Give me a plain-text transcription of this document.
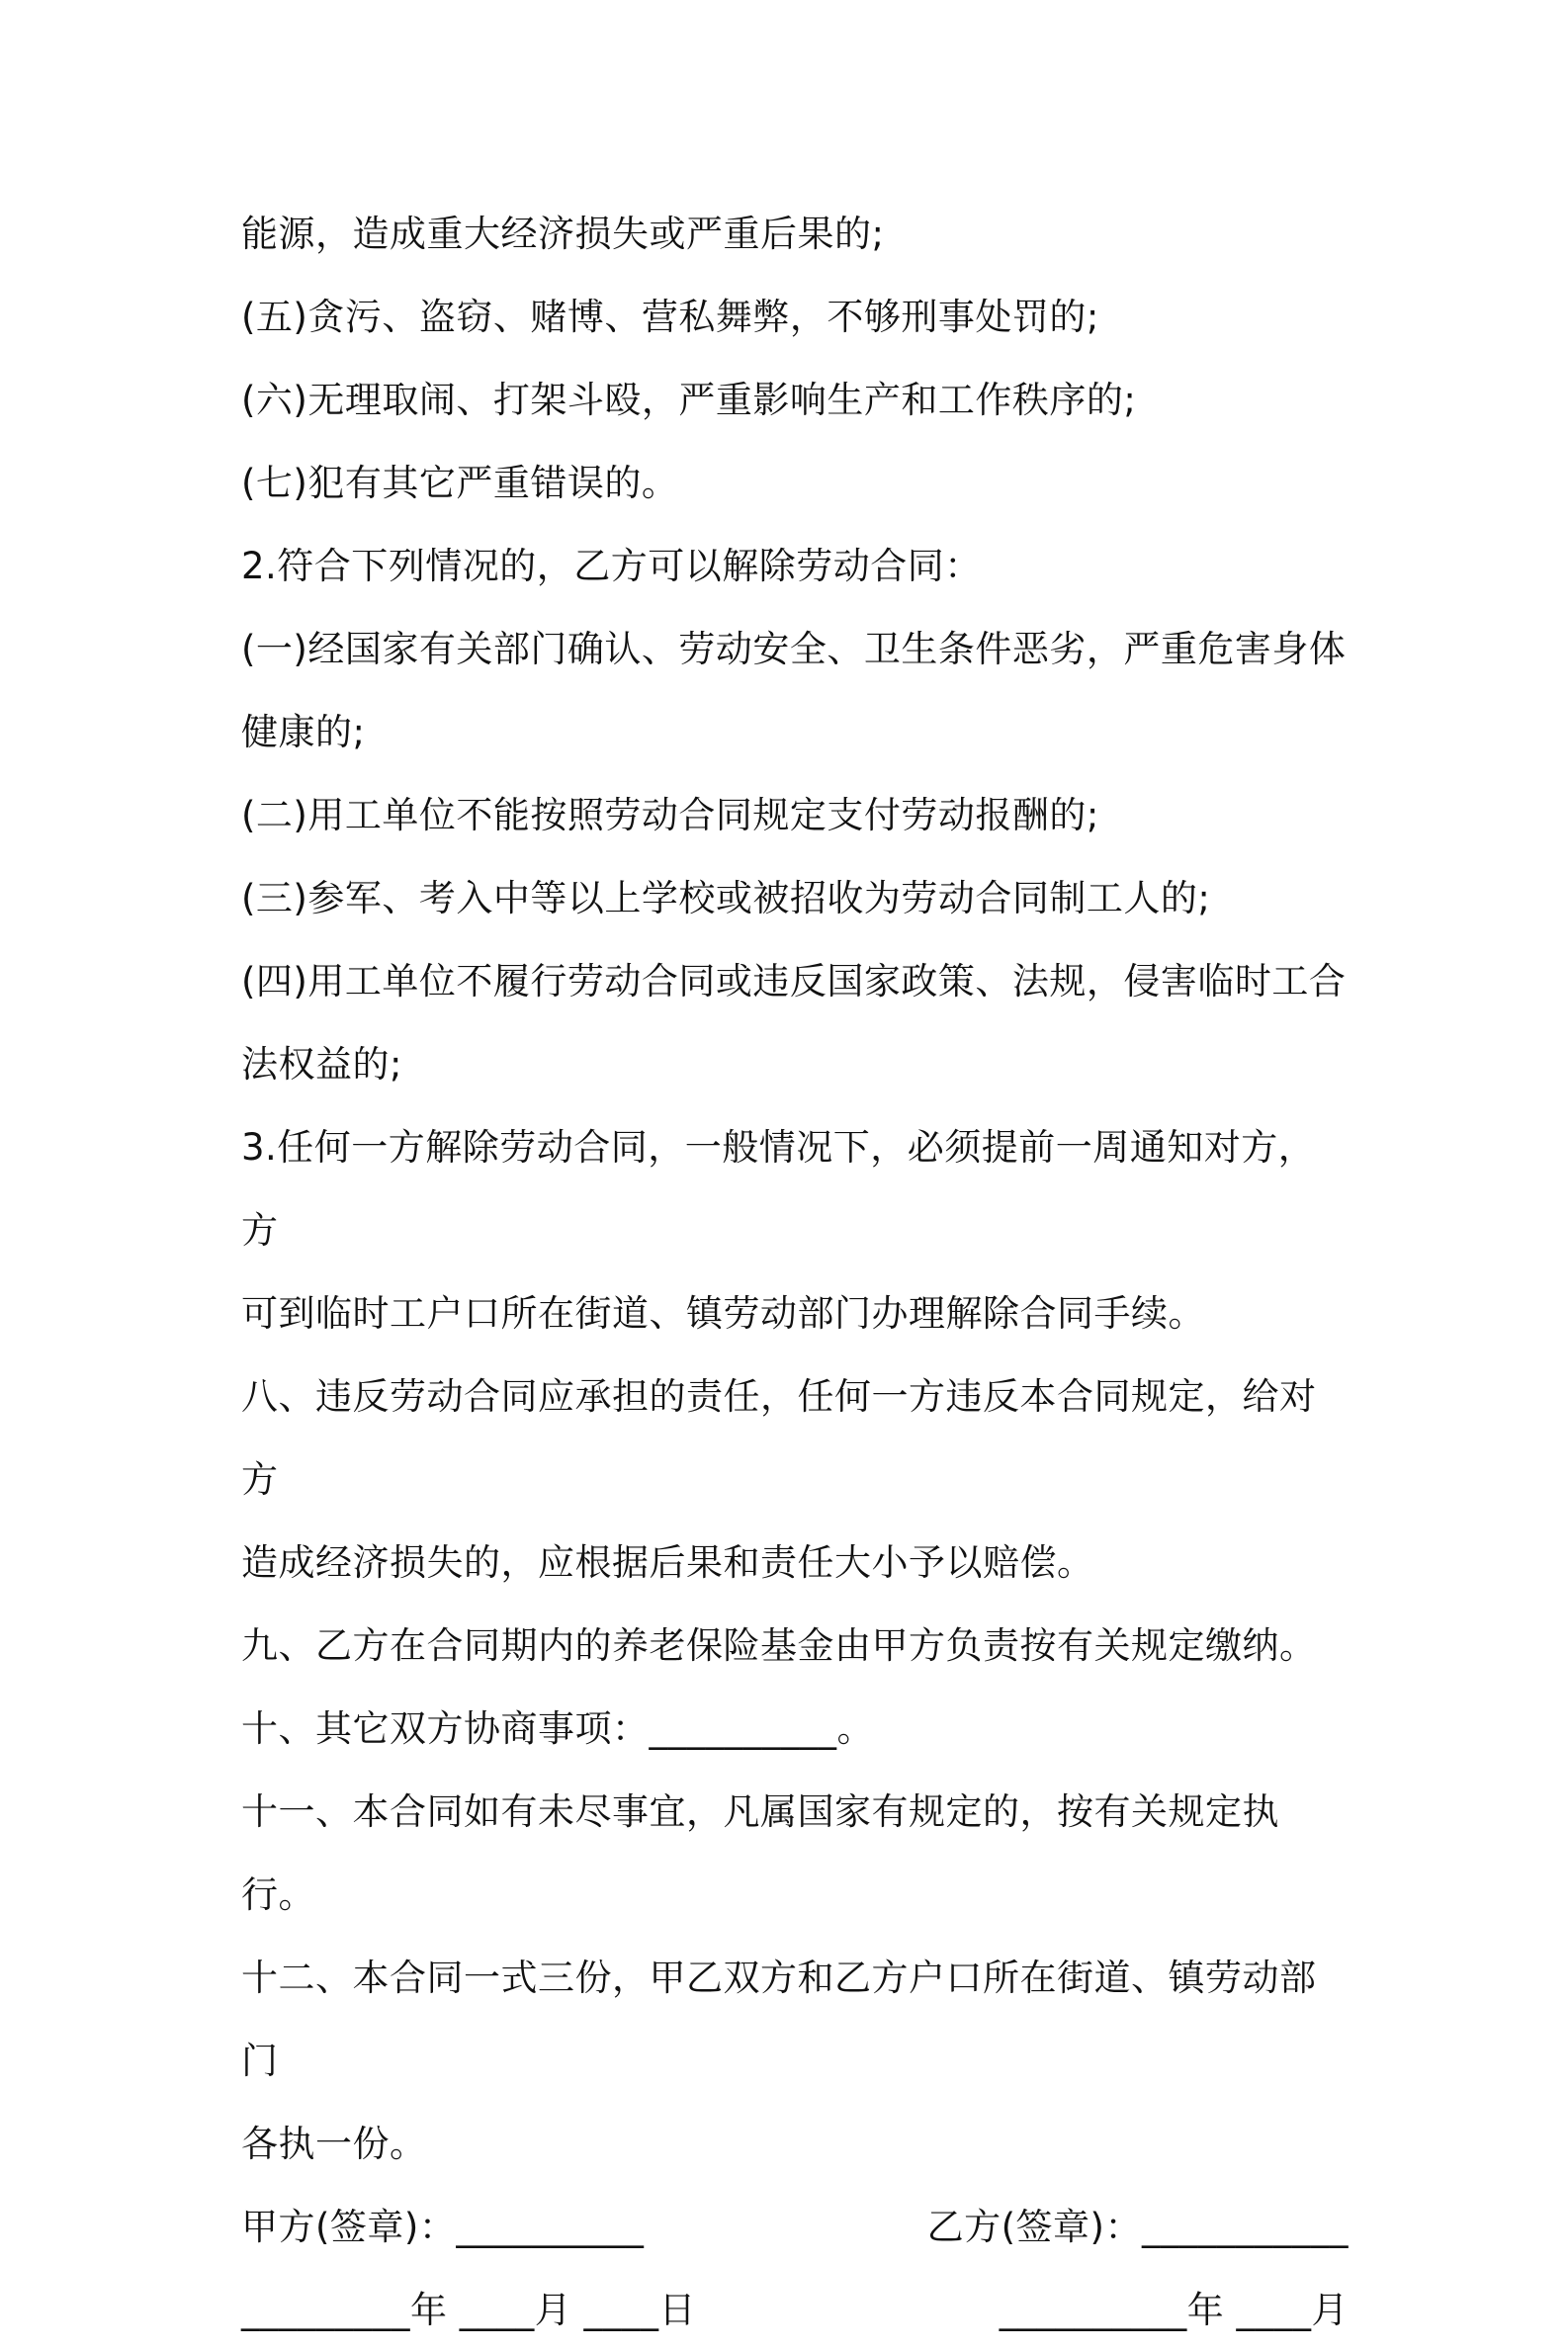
能源，造成重大经济损失或严重后果的;

(五)贪污、盗窃、赌博、营私舞弊，不够刑事处罚的;

(六)无理取闹、打架斗殴，严重影响生产和工作秩序的;

(七)犯有其它严重错误的。

2.符合下列情况的，乙方可以解除劳动合同：

(一)经国家有关部门确认、劳动安全、卫生条件恶劣，严重危害身体

健康的;

(二)用工单位不能按照劳动合同规定支付劳动报酬的;

(三)参军、考入中等以上学校或被招收为劳动合同制工人的;

(四)用工单位不履行劳动合同或违反国家政策、法规，侵害临时工合

法权益的;

3.任何一方解除劳动合同，一般情况下，必须提前一周通知对方，方

可到临时工户口所在街道、镇劳动部门办理解除合同手续。

八、违反劳动合同应承担的责任，任何一方违反本合同规定，给对方

造成经济损失的，应根据后果和责任大小予以赔偿。

九、乙方在合同期内的养老保险基金由甲方负责按有关规定缴纳。

十、其它双方协商事项：__________。

十一、本合同如有未尽事宜，凡属国家有规定的，按有关规定执行。

十二、本合同一式三份，甲乙双方和乙方户口所在街道、镇劳动部门

各执一份。

甲方(签章)：__________	乙方(签章)：___________
_________年 ____月 ____日	__________年 ____月
